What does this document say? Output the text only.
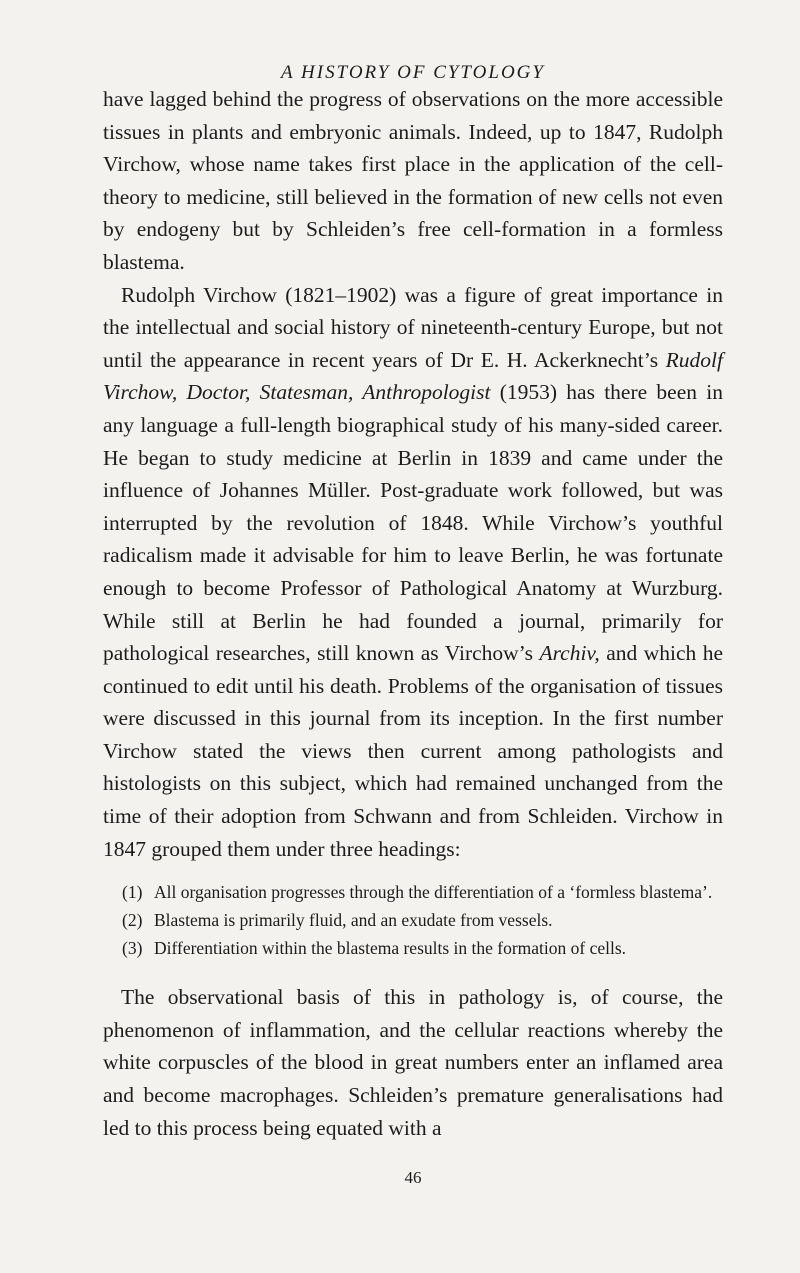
A HISTORY OF CYTOLOGY

have lagged behind the progress of observations on the more accessible tissues in plants and embryonic animals. Indeed, up to 1847, Rudolph Virchow, whose name takes first place in the application of the cell-theory to medicine, still believed in the formation of new cells not even by endogeny but by Schleiden’s free cell-formation in a formless blastema.

Rudolph Virchow (1821–1902) was a figure of great importance in the intellectual and social history of nineteenth-century Europe, but not until the appearance in recent years of Dr E. H. Ackerknecht’s Rudolf Virchow, Doctor, Statesman, Anthropologist (1953) has there been in any language a full-length biographical study of his many-sided career. He began to study medicine at Berlin in 1839 and came under the influence of Johannes Müller. Post-graduate work followed, but was interrupted by the revolution of 1848. While Virchow’s youthful radicalism made it advisable for him to leave Berlin, he was fortunate enough to become Professor of Pathological Anatomy at Wurzburg. While still at Berlin he had founded a journal, primarily for pathological researches, still known as Virchow’s Archiv, and which he continued to edit until his death. Problems of the organisation of tissues were discussed in this journal from its inception. In the first number Virchow stated the views then current among pathologists and histologists on this subject, which had remained unchanged from the time of their adoption from Schwann and from Schleiden. Virchow in 1847 grouped them under three headings:

(1) All organisation progresses through the differentiation of a ‘formless blastema’.
(2) Blastema is primarily fluid, and an exudate from vessels.
(3) Differentiation within the blastema results in the formation of cells.

The observational basis of this in pathology is, of course, the phenomenon of inflammation, and the cellular reactions whereby the white corpuscles of the blood in great numbers enter an inflamed area and become macrophages. Schleiden’s premature generalisations had led to this process being equated with a

46
